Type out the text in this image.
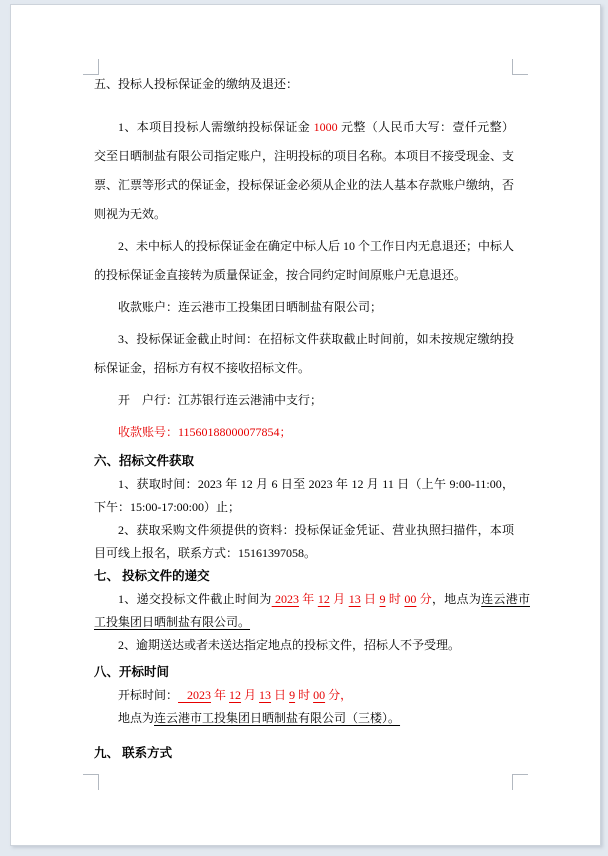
五、投标人投标保证金的缴纳及退还：

1、本项目投标人需缴纳投标保证金 1000 元整（人民币大写：壹仟元整）交至日晒制盐有限公司指定账户，注明投标的项目名称。本项目不接受现金、支票、汇票等形式的保证金，投标保证金必须从企业的法人基本存款账户缴纳，否则视为无效。

2、未中标人的投标保证金在确定中标人后 10 个工作日内无息退还；中标人的投标保证金直接转为质量保证金，按合同约定时间原账户无息退还。

收款账户：连云港市工投集团日晒制盐有限公司；

3、投标保证金截止时间：在招标文件获取截止时间前，如未按规定缴纳投标保证金，招标方有权不接收招标文件。

开　户行：江苏银行连云港浦中支行；

收款账号：11560188000077854；

六、招标文件获取

1、获取时间：2023 年 12 月 6 日至 2023 年 12 月 11 日（上午 9:00-11:00，下午：15:00-17:00:00）止；

2、获取采购文件须提供的资料：投标保证金凭证、营业执照扫描件，本项目可线上报名，联系方式：15161397058。

七、 投标文件的递交

1、递交投标文件截止时间为 2023 年 12 月 13 日 9 时 00 分，地点为连云港市工投集团日晒制盐有限公司。

2、逾期送达或者未送达指定地点的投标文件，招标人不予受理。

八、开标时间

开标时间：   2023 年 12 月 13 日 9 时 00 分，

地点为连云港市工投集团日晒制盐有限公司（三楼）。

九、 联系方式
